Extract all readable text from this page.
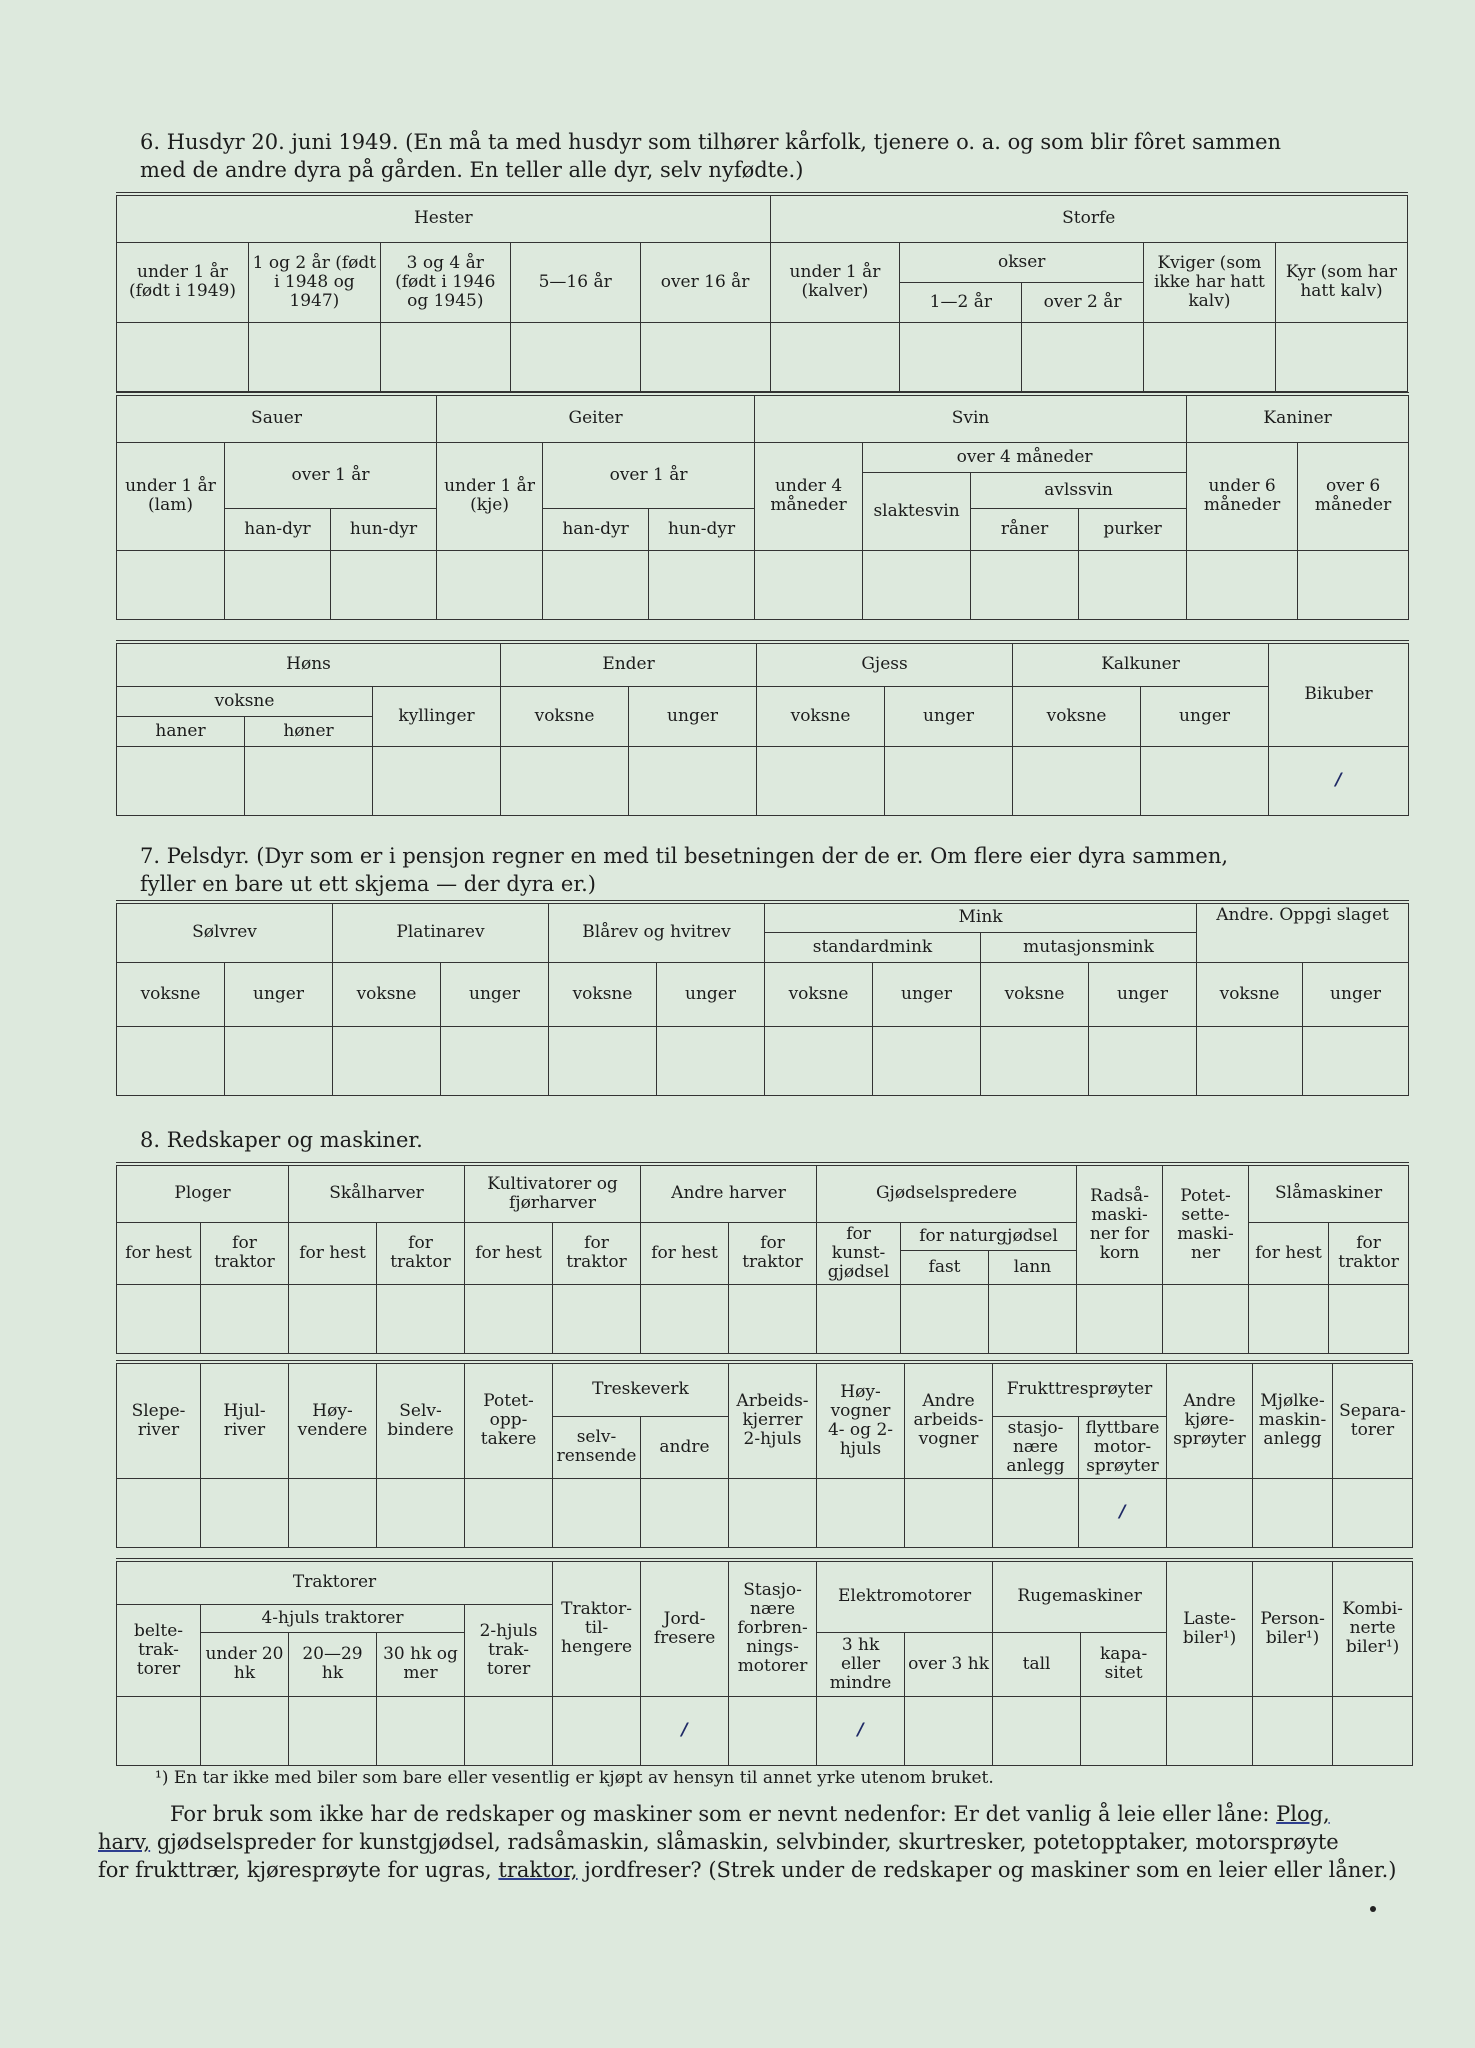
6. Husdyr 20. juni 1949. (En må ta med husdyr som tilhører kårfolk, tjenere o. a. og som blir fôret sammen
med de andre dyra på gården. En teller alle dyr, selv nyfødte.)
Hester					Storfe				
under 1 år (født i 1949)	1 og 2 år (født i 1948 og 1947)	3 og 4 år (født i 1946 og 1945)	5—16 år	over 16 år	under 1 år (kalver)	okser		Kviger (som ikke har hatt kalv)	Kyr (som har hatt kalv)
						1—2 år	over 2 år		

Sauer			Geiter			Svin				Kaniner	
under 1 år (lam)	over 1 år		under 1 år (kje)	over 1 år		under 4 måneder	over 4 måneder			under 6 måneder	over 6 måneder
							slaktesvin	avlssvin			
	han-dyr	hun-dyr		han-dyr	hun-dyr			råner	purker		

Høns			Ender		Gjess		Kalkuner		Bikuber
voksne		kyllinger	voksne	unger	voksne	unger	voksne	unger	
haner	høner								
									/
7. Pelsdyr. (Dyr som er i pensjon regner en med til besetningen der de er. Om flere eier dyra sammen,
fyller en bare ut ett skjema — der dyra er.)
Sølvrev		Platinarev		Blårev og hvitrev		Mink				Andre. Oppgi slaget	
						standardmink		mutasjonsmink			
voksne	unger	voksne	unger	voksne	unger	voksne	unger	voksne	unger	voksne	unger

8. Redskaper og maskiner.
Ploger		Skålharver		Kultivatorer og fjørharver		Andre harver		Gjødselspredere			Radså-maski-ner for korn	Potet-sette-maski-ner	Slåmaskiner	
for hest	for traktor	for hest	for traktor	for hest	for traktor	for hest	for traktor	for kunst-gjødsel	for naturgjødsel				for hest	for traktor
									fast	lann				

Slepe-river	Hjul-river	Høy-vendere	Selv-bindere	Potet-opp-takere	Treskeverk		Arbeids-kjerrer 2-hjuls	Høy-vogner 4- og 2-hjuls	Andre arbeids-vogner	Frukttresprøyter		Andre kjøre-sprøyter	Mjølke-maskin-anlegg	Separa-torer
					selv-rensende	andre				stasjo-nære anlegg	flyttbare motor-sprøyter			
											/			
Traktorer					Traktor-til-hengere	Jord-fresere	Stasjo-nære forbren-nings-motorer	Elektromotorer		Rugemaskiner		Laste-biler¹)	Person-biler¹)	Kombi-nerte biler¹)
belte-trak-torer	4-hjuls traktorer			2-hjuls trak-torer										
	under 20 hk	20—29 hk	30 hk og mer					3 hk eller mindre	over 3 hk	tall	kapa-sitet			
						/		/						
¹) En tar ikke med biler som bare eller vesentlig er kjøpt av hensyn til annet yrke utenom bruket.
For bruk som ikke har de redskaper og maskiner som er nevnt nedenfor: Er det vanlig å leie eller låne: Plog,
harv, gjødselspreder for kunstgjødsel, radsåmaskin, slåmaskin, selvbinder, skurtresker, potetopptaker, motorsprøyte
for frukttrær, kjøresprøyte for ugras, traktor, jordfreser? (Strek under de redskaper og maskiner som en leier eller låner.)
